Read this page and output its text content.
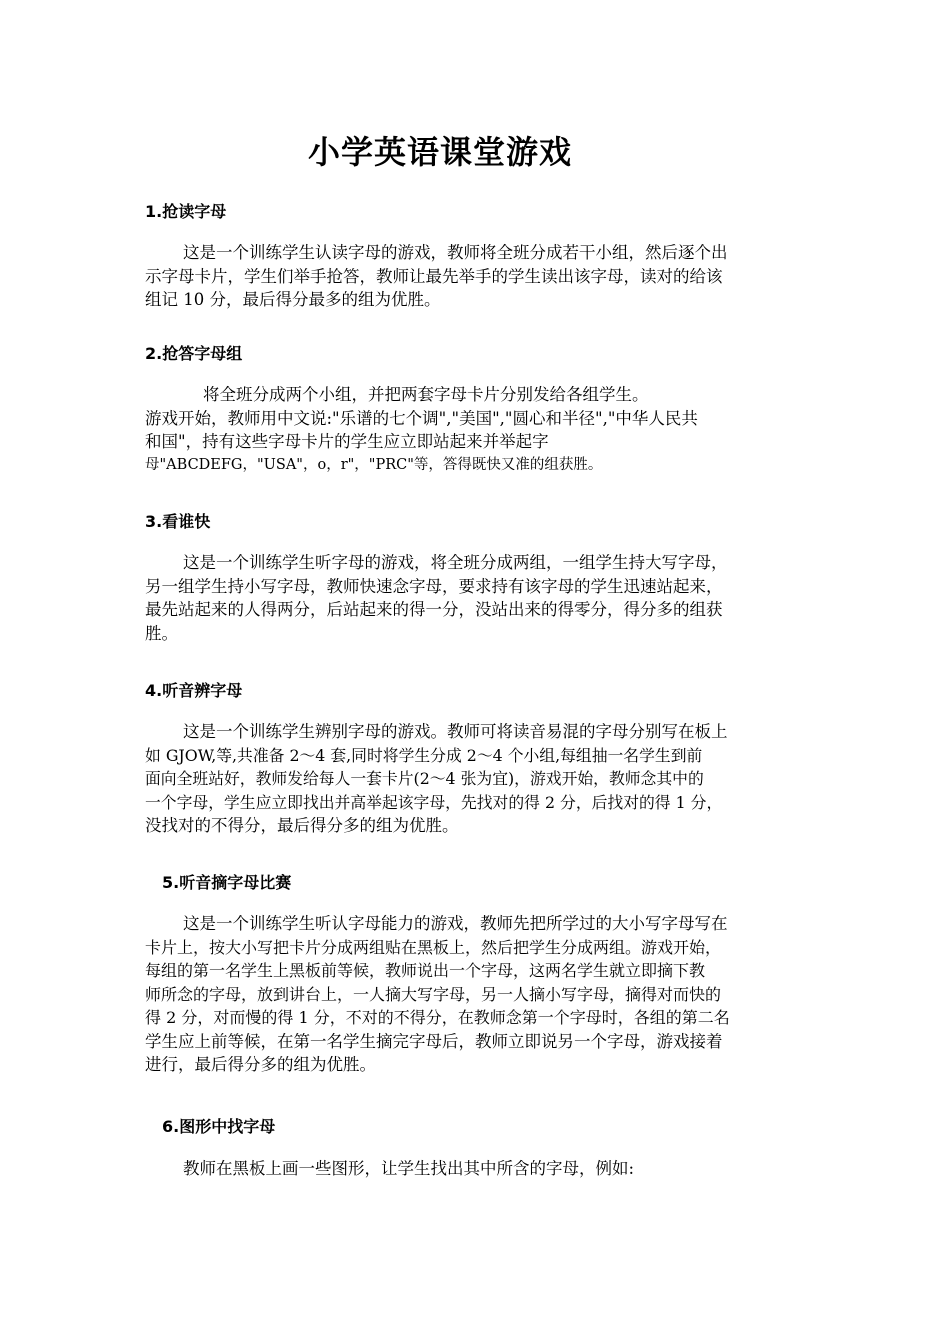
小学英语课堂游戏
1.抢读字母
这是一个训练学生认读字母的游戏，教师将全班分成若干小组，然后逐个出
示字母卡片，学生们举手抢答，教师让最先举手的学生读出该字母，读对的给该
组记 10 分，最后得分最多的组为优胜。
2.抢答字母组
将全班分成两个小组，并把两套字母卡片分别发给各组学生。
游戏开始，教师用中文说:"乐谱的七个调","美国","圆心和半径","中华人民共
和国"，持有这些字母卡片的学生应立即站起来并举起字
母"ABCDEFG，"USA"，o，r"，"PRC"等，答得既快又准的组获胜。
3.看谁快
这是一个训练学生听字母的游戏，将全班分成两组，一组学生持大写字母，
另一组学生持小写字母，教师快速念字母，要求持有该字母的学生迅速站起来，
最先站起来的人得两分，后站起来的得一分，没站出来的得零分，得分多的组获
胜。
4.听音辨字母
这是一个训练学生辨别字母的游戏。教师可将读音易混的字母分别写在板上
如 GJOW,等,共准备 2～4 套,同时将学生分成 2～4 个小组,每组抽一名学生到前
面向全班站好，教师发给每人一套卡片(2～4 张为宜)，游戏开始，教师念其中的
一个字母，学生应立即找出并高举起该字母，先找对的得 2 分，后找对的得 1 分，
没找对的不得分，最后得分多的组为优胜。
5.听音摘字母比赛
这是一个训练学生听认字母能力的游戏，教师先把所学过的大小写字母写在
卡片上，按大小写把卡片分成两组贴在黑板上，然后把学生分成两组。游戏开始，
每组的第一名学生上黑板前等候，教师说出一个字母，这两名学生就立即摘下教
师所念的字母，放到讲台上，一人摘大写字母，另一人摘小写字母，摘得对而快的
得 2 分，对而慢的得 1 分，不对的不得分，在教师念第一个字母时，各组的第二名
学生应上前等候，在第一名学生摘完字母后，教师立即说另一个字母，游戏接着
进行，最后得分多的组为优胜。
6.图形中找字母
教师在黑板上画一些图形，让学生找出其中所含的字母，例如:
